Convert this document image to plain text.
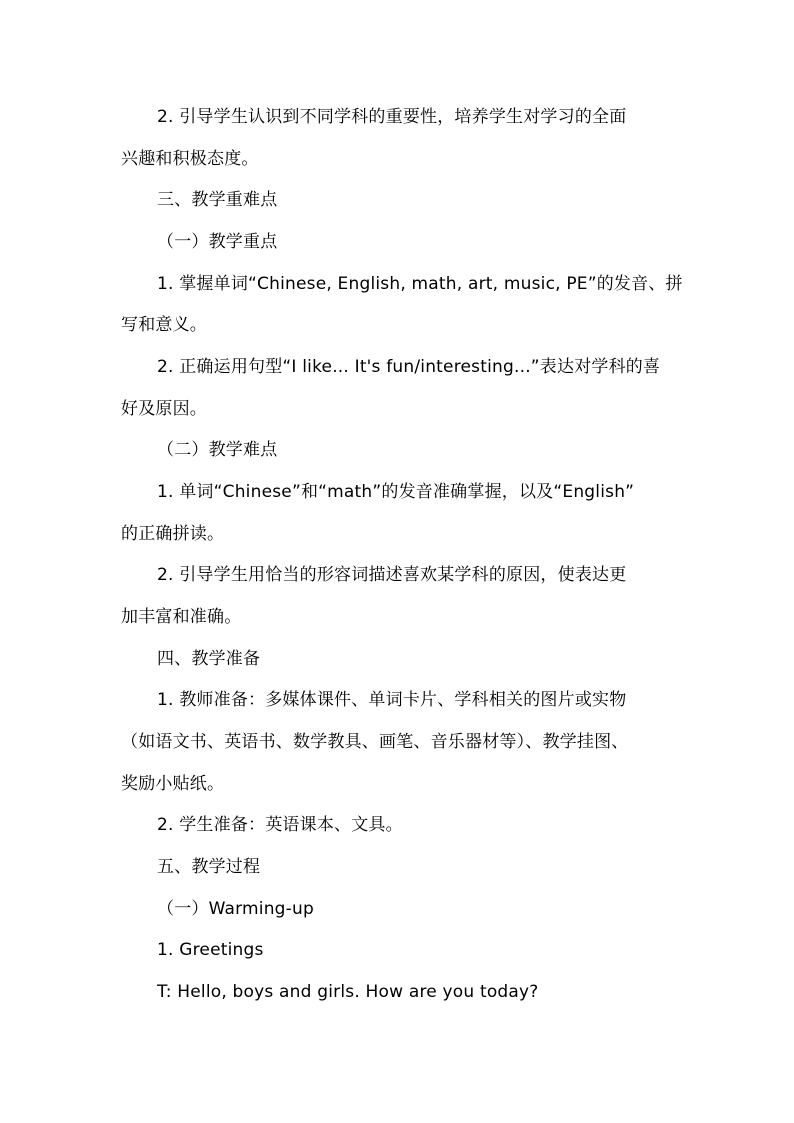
2. 引导学生认识到不同学科的重要性，培养学生对学习的全面
兴趣和积极态度。
三、教学重难点
（一）教学重点
1. 掌握单词“Chinese, English, math, art, music, PE”的发音、拼
写和意义。
2. 正确运用句型“I like... It's fun/interesting...”表达对学科的喜
好及原因。
（二）教学难点
1. 单词“Chinese”和“math”的发音准确掌握，以及“English”
的正确拼读。
2. 引导学生用恰当的形容词描述喜欢某学科的原因，使表达更
加丰富和准确。
四、教学准备
1. 教师准备：多媒体课件、单词卡片、学科相关的图片或实物
（如语文书、英语书、数学教具、画笔、音乐器材等）、教学挂图、
奖励小贴纸。
2. 学生准备：英语课本、文具。
五、教学过程
（一）Warming-up
1. Greetings
T: Hello, boys and girls. How are you today?
